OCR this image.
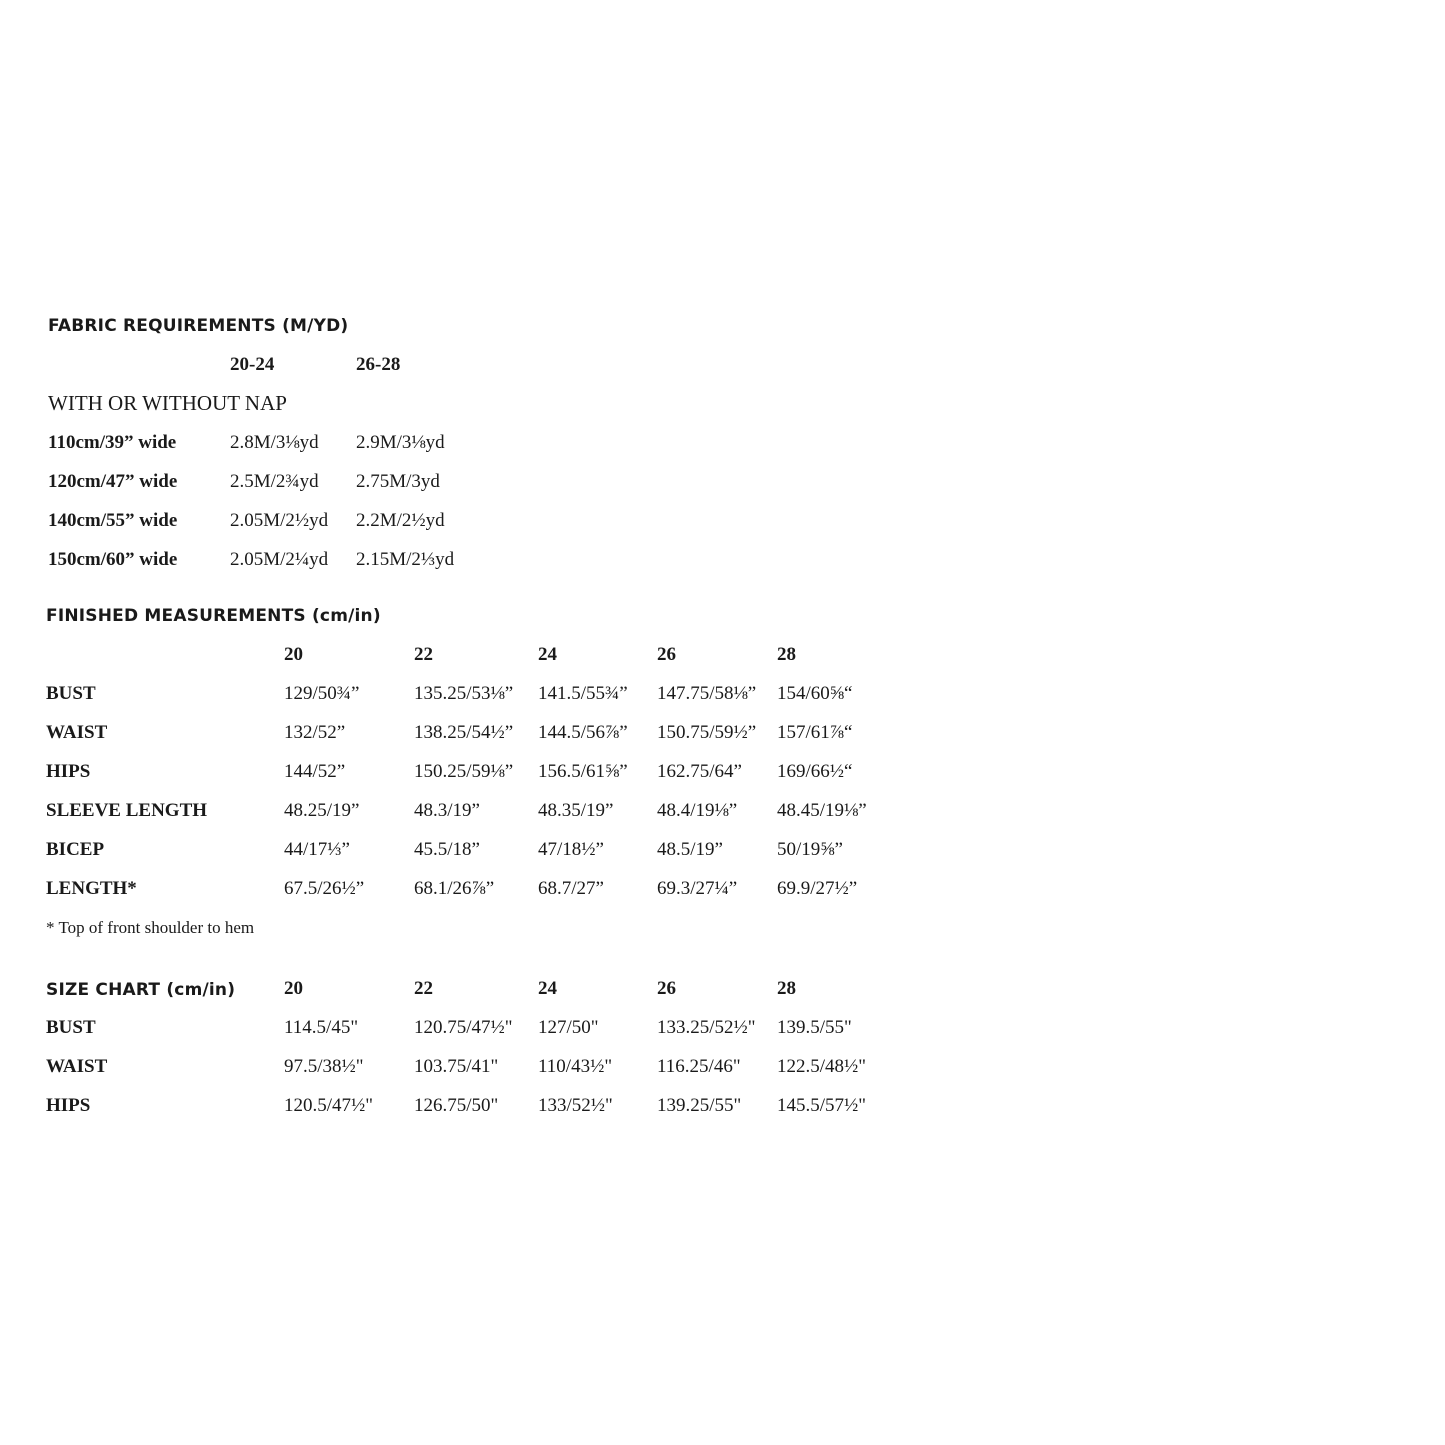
FABRIC REQUIREMENTS (M/YD)
20-24	26-28
WITH OR WITHOUT NAP
110cm/39” wide	2.8M/3⅛yd 2.9M/3⅛yd
120cm/47” wide	2.5M/2¾yd 2.75M/3yd
140cm/55” wide	2.05M/2½yd 2.2M/2½yd
150cm/60” wide	2.05M/2¼yd 2.15M/2⅓yd
FINISHED MEASUREMENTS (cm/in)
20	22	24	26	28
BUST	129/50¾”	135.25/53⅛” 141.5/55¾” 147.75/58⅛” 154/60⅝“
WAIST	132/52”	138.25/54½” 144.5/56⅞” 150.75/59½” 157/61⅞“
HIPS	144/52”	150.25/59⅛” 156.5/61⅝” 162.75/64” 169/66½“
SLEEVE LENGTH	48.25/19”	48.3/19”	48.35/19” 48.4/19⅛” 48.45/19⅛”
BICEP	44/17⅓”	45.5/18”	47/18½”	48.5/19”	50/19⅝”
LENGTH*	67.5/26½”	68.1/26⅞” 68.7/27”	69.3/27¼” 69.9/27½”
* Top of front shoulder to hem
SIZE CHART (cm/in)	20	22	24	26	28
BUST	114.5/45"	120.75/47½" 127/50"	133.25/52½" 139.5/55"
WAIST	97.5/38½"	103.75/41" 110/43½" 116.25/46" 122.5/48½"
HIPS	120.5/47½" 126.75/50" 133/52½" 139.25/55" 145.5/57½"
